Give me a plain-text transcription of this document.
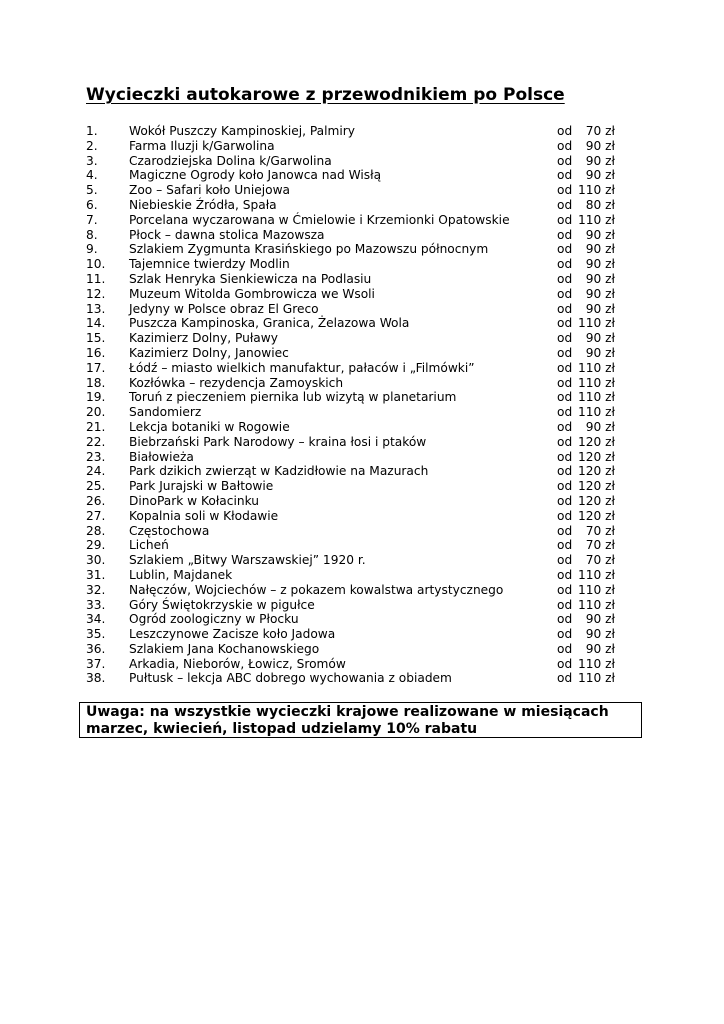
Wycieczki autokarowe z przewodnikiem po Polsce
1.	Wokół Puszczy Kampinoskiej, Palmiry	od 70 zł
2.	Farma Iluzji k/Garwolina	od 90 zł
3.	Czarodziejska Dolina k/Garwolina	od 90 zł
4.	Magiczne Ogrody koło Janowca nad Wisłą	od 90 zł
5.	Zoo – Safari koło Uniejowa	od 110 zł
6.	Niebieskie Źródła, Spała	od 80 zł
7.	Porcelana wyczarowana w Ćmielowie i Krzemionki Opatowskie	od 110 zł
8.	Płock – dawna stolica Mazowsza	od 90 zł
9.	Szlakiem Zygmunta Krasińskiego po Mazowszu północnym	od 90 zł
10. Tajemnice twierdzy Modlin	od 90 zł
11. Szlak Henryka Sienkiewicza na Podlasiu	od 90 zł
12. Muzeum Witolda Gombrowicza we Wsoli	od 90 zł
13. Jedyny w Polsce obraz El Greco	od 90 zł
14. Puszcza Kampinoska, Granica, Żelazowa Wola	od 110 zł
15. Kazimierz Dolny, Puławy	od 90 zł
16. Kazimierz Dolny, Janowiec	od 90 zł
17. Łódź – miasto wielkich manufaktur, pałaców i „Filmówki”	od 110 zł
18. Kozłówka – rezydencja Zamoyskich	od 110 zł
19. Toruń z pieczeniem piernika lub wizytą w planetarium	od 110 zł
20. Sandomierz	od 110 zł
21. Lekcja botaniki w Rogowie	od 90 zł
22. Biebrzański Park Narodowy – kraina łosi i ptaków	od 120 zł
23. Białowieża	od 120 zł
24. Park dzikich zwierząt w Kadzidłowie na Mazurach	od 120 zł
25. Park Jurajski w Bałtowie	od 120 zł
26. DinoPark w Kołacinku	od 120 zł
27. Kopalnia soli w Kłodawie	od 120 zł
28. Częstochowa	od 70 zł
29. Licheń	od 70 zł
30. Szlakiem „Bitwy Warszawskiej” 1920 r.	od 70 zł
31. Lublin, Majdanek	od 110 zł
32. Nałęczów, Wojciechów – z pokazem kowalstwa artystycznego	od 110 zł
33. Góry Świętokrzyskie w pigułce	od 110 zł
34. Ogród zoologiczny w Płocku	od 90 zł
35. Leszczynowe Zacisze koło Jadowa	od 90 zł
36. Szlakiem Jana Kochanowskiego	od 90 zł
37. Arkadia, Nieborów, Łowicz, Sromów	od 110 zł
38. Pułtusk – lekcja ABC dobrego wychowania z obiadem	od 110 zł

Uwaga: na wszystkie wycieczki krajowe realizowane w miesiącach marzec, kwiecień, listopad udzielamy 10% rabatu
